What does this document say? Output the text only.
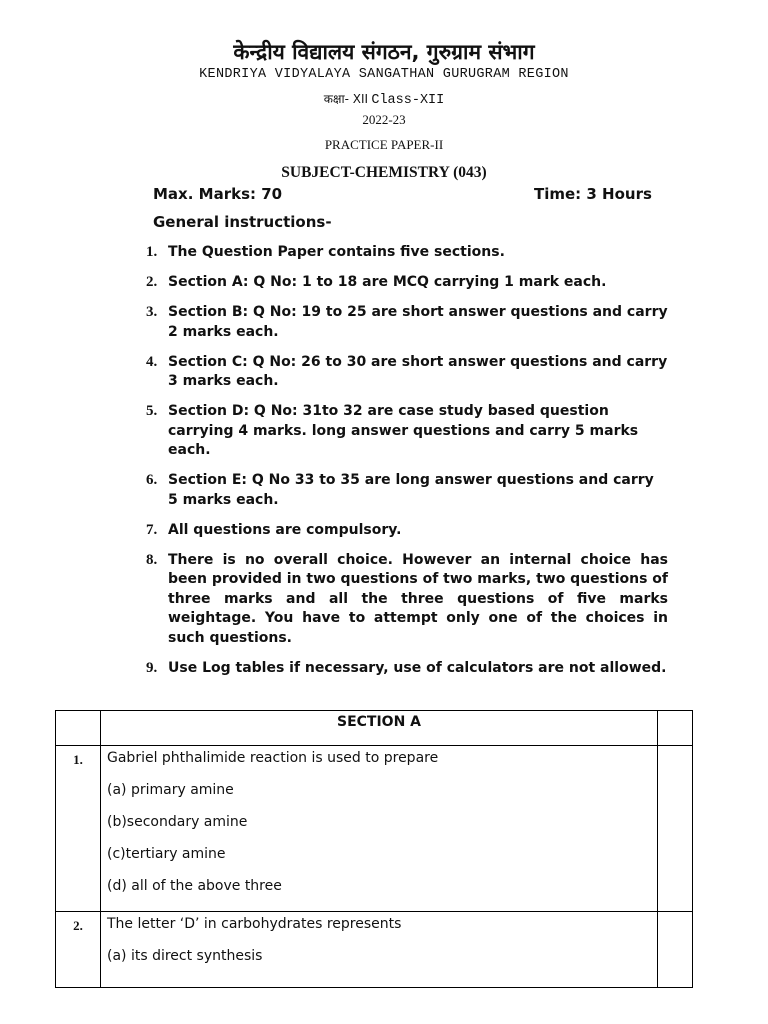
केन्द्रीय विद्यालय संगठन, गुरुग्राम संभाग
KENDRIYA VIDYALAYA SANGATHAN GURUGRAM REGION
कक्षा- XII Class-XII
2022-23
PRACTICE PAPER-II
SUBJECT-CHEMISTRY (043)
Max. Marks: 70	Time: 3 Hours
General instructions-
1. The Question Paper contains five sections.
2. Section A: Q No: 1 to 18 are MCQ carrying 1 mark each.
3. Section B: Q No: 19 to 25 are short answer questions and carry 2 marks each.
4. Section C: Q No: 26 to 30 are short answer questions and carry 3 marks each.
5. Section D: Q No: 31to 32 are case study based question carrying 4 marks. long answer questions and carry 5 marks each.
6. Section E: Q No 33 to 35 are long answer questions and carry 5 marks each.
7. All questions are compulsory.
8. There is no overall choice. However an internal choice has been provided in two questions of two marks, two questions of three marks and all the three questions of five marks weightage. You have to attempt only one of the choices in such questions.
9. Use Log tables if necessary, use of calculators are not allowed.
	SECTION A	
1.	Gabriel phthalimide reaction is used to prepare

(a) primary amine

(b)secondary amine

(c)tertiary amine

(d) all of the above three	

2.	The letter ‘D’ in carbohydrates represents

(a) its direct synthesis	
